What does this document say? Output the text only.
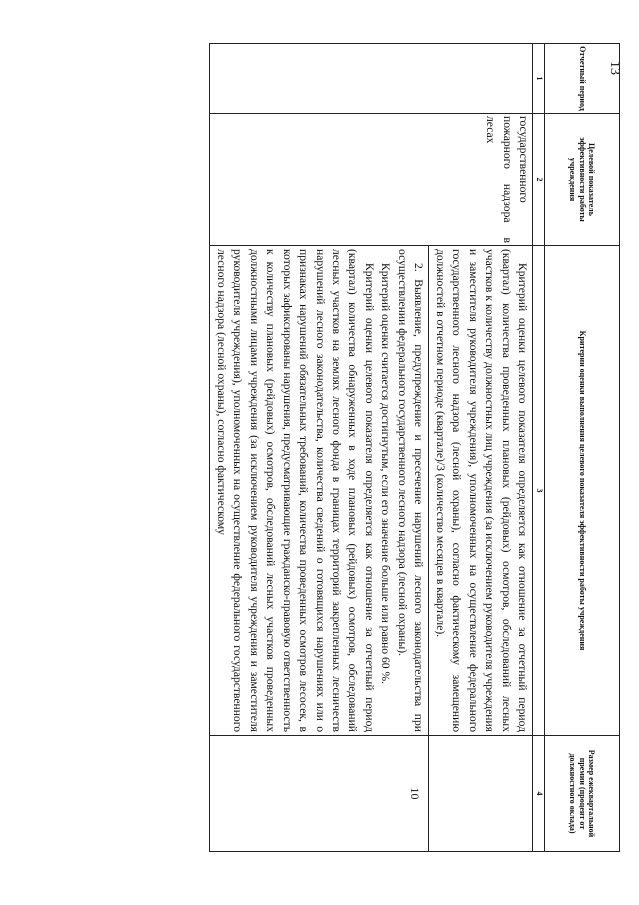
13
Отчетный период	Целевой показатель эффективности работы учреждения	Критерии оценки выполнения целевого показателя эффективности работы учреждения	Размер ежеквартальной премии (процент от должностного оклада)
1	2	3	4
	государственного пожарного надзора в лесах	Критерий оценки целевого показателя определяется как отношение за отчетный период (квартал) количества проведенных плановых (рейдовых) осмотров, обследований лесных участков к количеству должностных лиц учреждения (за исключением руководителя учреждения и заместителя руководителя учреждения), уполномоченных на осуществление федерального государственного лесного надзора (лесной охраны), согласно фактическому замещению должностей в отчетном периоде (квартале)/3 (количество месяцев в квартале).	

		2. Выявление, предупреждение и пресечение нарушений лесного законодательства при осуществлении федерального государственного лесного надзора (лесной охраны).

Критерий оценки считается достигнутым, если его значение больше или равно 60 %.

Критерий оценки целевого показателя определяется как отношение за отчетный период (квартал) количества обнаруженных в ходе плановых (рейдовых) осмотров, обследований лесных участков на землях лесного фонда в границах территорий закрепленных лесничеств нарушений лесного законодательства, количества сведений о готовящихся нарушениях или о признаках нарушений обязательных требований, количества проведенных осмотров лесосек, в которых зафиксированы нарушения, предусматривающие гражданско-правовую ответственность к количеству плановых (рейдовых) осмотров, обследований лесных участков проведенных должностными лицами учреждения (за исключением руководителя учреждения и заместителя руководителя учреждения), уполномоченных на осуществление федерального государственного лесного надзора (лесной охраны), согласно фактическому	10
